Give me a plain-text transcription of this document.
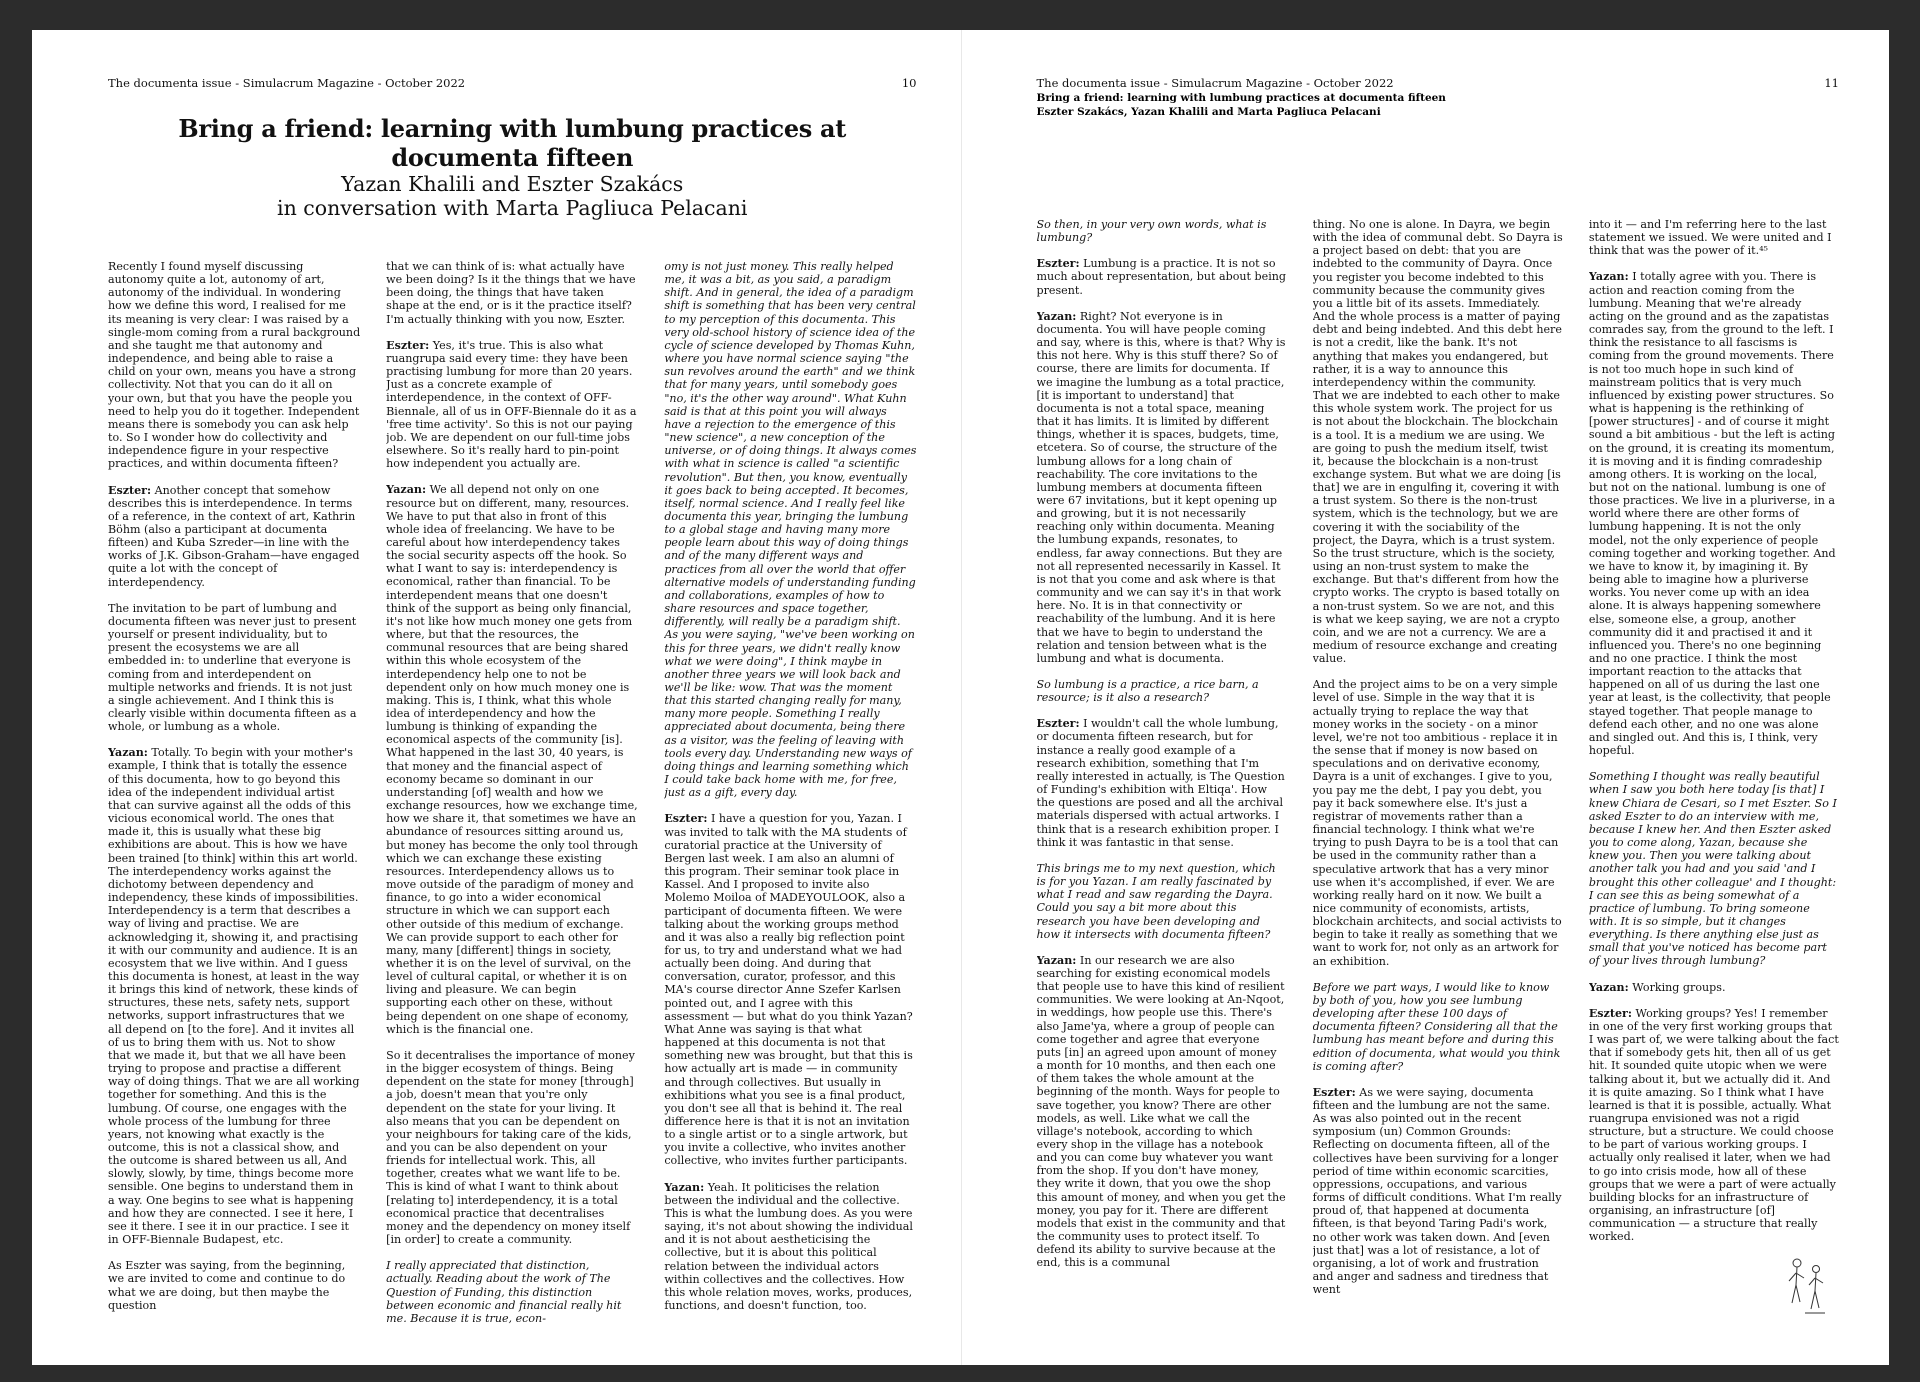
The documenta issue - Simulacrum Magazine - October 2022	10
Bring a friend: learning with lumbung practices at documenta fifteen
Yazan Khalili and Eszter Szakács
in conversation with Marta Pagliuca Pelacani

Recently I found myself discussing autonomy quite a lot, autonomy of art, autonomy of the individual. In wondering how we define this word, I realised for me its meaning is very clear: I was raised by a single-mom coming from a rural background and she taught me that autonomy and independence, and being able to raise a child on your own, means you have a strong collectivity. Not that you can do it all on your own, but that you have the people you need to help you do it together. Independent means there is somebody you can ask help to. So I wonder how do collectivity and independence figure in your respective practices, and within documenta fifteen?

Eszter: Another concept that somehow describes this is interdependence. In terms of a reference, in the context of art, Kathrin Böhm (also a participant at documenta fifteen) and Kuba Szreder—in line with the works of J.K. Gibson-Graham—have engaged quite a lot with the concept of interdependency.

The invitation to be part of lumbung and documenta fifteen was never just to present yourself or present individuality, but to present the ecosystems we are all embedded in: to underline that everyone is coming from and interdependent on multiple networks and friends. It is not just a single achievement. And I think this is clearly visible within documenta fifteen as a whole, or lumbung as a whole.

Yazan: Totally. To begin with your mother's example, I think that is totally the essence of this documenta, how to go beyond this idea of the independent individual artist that can survive against all the odds of this vicious economical world. The ones that made it, this is usually what these big exhibitions are about. This is how we have been trained [to think] within this art world. The interdependency works against the dichotomy between dependency and independency, these kinds of impossibilities. Interdependency is a term that describes a way of living and practise. We are acknowledging it, showing it, and practising it with our community and audience. It is an ecosystem that we live within. And I guess this documenta is honest, at least in the way it brings this kind of network, these kinds of structures, these nets, safety nets, support networks, support infrastructures that we all depend on [to the fore]. And it invites all of us to bring them with us. Not to show that we made it, but that we all have been trying to propose and practise a different way of doing things. That we are all working together for something. And this is the lumbung. Of course, one engages with the whole process of the lumbung for three years, not knowing what exactly is the outcome, this is not a classical show, and the outcome is shared between us all, And slowly, slowly, by time, things become more sensible. One begins to understand them in a way. One begins to see what is happening and how they are connected. I see it here, I see it there. I see it in our practice. I see it in OFF-Biennale Budapest, etc.

As Eszter was saying, from the beginning, we are invited to come and continue to do what we are doing, but then maybe the question

that we can think of is: what actually have we been doing? Is it the things that we have been doing, the things that have taken shape at the end, or is it the practice itself? I'm actually thinking with you now, Eszter.

Eszter: Yes, it's true. This is also what ruangrupa said every time: they have been practising lumbung for more than 20 years. Just as a concrete example of interdependence, in the context of OFF-Biennale, all of us in OFF-Biennale do it as a 'free time activity'. So this is not our paying job. We are dependent on our full-time jobs elsewhere. So it's really hard to pin-point how independent you actually are.

Yazan: We all depend not only on one resource but on different, many, resources. We have to put that also in front of this whole idea of freelancing. We have to be careful about how interdependency takes the social security aspects off the hook. So what I want to say is: interdependency is economical, rather than financial. To be interdependent means that one doesn't think of the support as being only financial, it's not like how much money one gets from where, but that the resources, the communal resources that are being shared within this whole ecosystem of the interdependency help one to not be dependent only on how much money one is making. This is, I think, what this whole idea of interdependency and how the lumbung is thinking of expanding the economical aspects of the community [is]. What happened in the last 30, 40 years, is that money and the financial aspect of economy became so dominant in our understanding [of] wealth and how we exchange resources, how we exchange time, how we share it, that sometimes we have an abundance of resources sitting around us, but money has become the only tool through which we can exchange these existing resources. Interdependency allows us to move outside of the paradigm of money and finance, to go into a wider economical structure in which we can support each other outside of this medium of exchange. We can provide support to each other for many, many [different] things in society, whether it is on the level of survival, on the level of cultural capital, or whether it is on living and pleasure. We can begin supporting each other on these, without being dependent on one shape of economy, which is the financial one.

So it decentralises the importance of money in the bigger ecosystem of things. Being dependent on the state for money [through] a job, doesn't mean that you're only dependent on the state for your living. It also means that you can be dependent on your neighbours for taking care of the kids, and you can be also dependent on your friends for intellectual work. This, all together, creates what we want life to be. This is kind of what I want to think about [relating to] interdependency, it is a total economical practice that decentralises money and the dependency on money itself [in order] to create a community.

I really appreciated that distinction, actually. Reading about the work of The Question of Funding, this distinction between economic and financial really hit me. Because it is true, econ-

omy is not just money. This really helped me, it was a bit, as you said, a paradigm shift. And in general, the idea of a paradigm shift is something that has been very central to my perception of this documenta. This very old-school history of science idea of the cycle of science developed by Thomas Kuhn, where you have normal science saying "the sun revolves around the earth" and we think that for many years, until somebody goes "no, it's the other way around". What Kuhn said is that at this point you will always have a rejection to the emergence of this "new science", a new conception of the universe, or of doing things. It always comes with what in science is called "a scientific revolution". But then, you know, eventually it goes back to being accepted. It becomes, itself, normal science. And I really feel like documenta this year, bringing the lumbung to a global stage and having many more people learn about this way of doing things and of the many different ways and practices from all over the world that offer alternative models of understanding funding and collaborations, examples of how to share resources and space together, differently, will really be a paradigm shift. As you were saying, "we've been working on this for three years, we didn't really know what we were doing", I think maybe in another three years we will look back and we'll be like: wow. That was the moment that this started changing really for many, many more people. Something I really appreciated about documenta, being there as a visitor, was the feeling of leaving with tools every day. Understanding new ways of doing things and learning something which I could take back home with me, for free, just as a gift, every day.

Eszter: I have a question for you, Yazan. I was invited to talk with the MA students of curatorial practice at the University of Bergen last week. I am also an alumni of this program. Their seminar took place in Kassel. And I proposed to invite also Molemo Moiloa of MADEYOULOOK, also a participant of documenta fifteen. We were talking about the working groups method and it was also a really big reflection point for us, to try and understand what we had actually been doing. And during that conversation, curator, professor, and this MA's course director Anne Szefer Karlsen pointed out, and I agree with this assessment — but what do you think Yazan? What Anne was saying is that what happened at this documenta is not that something new was brought, but that this is how actually art is made — in community and through collectives. But usually in exhibitions what you see is a final product, you don't see all that is behind it. The real difference here is that it is not an invitation to a single artist or to a single artwork, but you invite a collective, who invites another collective, who invites further participants.

Yazan: Yeah. It politicises the relation between the individual and the collective. This is what the lumbung does. As you were saying, it's not about showing the individual and it is not about aestheticising the collective, but it is about this political relation between the individual actors within collectives and the collectives. How this whole relation moves, works, produces, functions, and doesn't function, too.

The documenta issue - Simulacrum Magazine - October 2022	11
Bring a friend: learning with lumbung practices at documenta fifteen
Eszter Szakács, Yazan Khalili and Marta Pagliuca Pelacani

So then, in your very own words, what is lumbung?

Eszter: Lumbung is a practice. It is not so much about representation, but about being present.

Yazan: Right? Not everyone is in documenta. You will have people coming and say, where is this, where is that? Why is this not here. Why is this stuff there? So of course, there are limits for documenta. If we imagine the lumbung as a total practice, [it is important to understand] that documenta is not a total space, meaning that it has limits. It is limited by different things, whether it is spaces, budgets, time, etcetera. So of course, the structure of the lumbung allows for a long chain of reachability. The core invitations to the lumbung members at documenta fifteen were 67 invitations, but it kept opening up and growing, but it is not necessarily reaching only within documenta. Meaning the lumbung expands, resonates, to endless, far away connections. But they are not all represented necessarily in Kassel. It is not that you come and ask where is that community and we can say it's in that work here. No. It is in that connectivity or reachability of the lumbung. And it is here that we have to begin to understand the relation and tension between what is the lumbung and what is documenta.

So lumbung is a practice, a rice barn, a resource; is it also a research?

Eszter: I wouldn't call the whole lumbung, or documenta fifteen research, but for instance a really good example of a research exhibition, something that I'm really interested in actually, is The Question of Funding's exhibition with Eltiqa'. How the questions are posed and all the archival materials dispersed with actual artworks. I think that is a research exhibition proper. I think it was fantastic in that sense.

This brings me to my next question, which is for you Yazan. I am really fascinated by what I read and saw regarding the Dayra. Could you say a bit more about this research you have been developing and how it intersects with documenta fifteen?

Yazan: In our research we are also searching for existing economical models that people use to have this kind of resilient communities. We were looking at An-Nqoot, in weddings, how people use this. There's also Jame'ya, where a group of people can come together and agree that everyone puts [in] an agreed upon amount of money a month for 10 months, and then each one of them takes the whole amount at the beginning of the month. Ways for people to save together, you know? There are other models, as well. Like what we call the village's notebook, according to which every shop in the village has a notebook and you can come buy whatever you want from the shop. If you don't have money, they write it down, that you owe the shop this amount of money, and when you get the money, you pay for it. There are different models that exist in the community and that the community uses to protect itself. To defend its ability to survive because at the end, this is a communal

thing. No one is alone. In Dayra, we begin with the idea of communal debt. So Dayra is a project based on debt: that you are indebted to the community of Dayra. Once you register you become indebted to this community because the community gives you a little bit of its assets. Immediately. And the whole process is a matter of paying debt and being indebted. And this debt here is not a credit, like the bank. It's not anything that makes you endangered, but rather, it is a way to announce this interdependency within the community. That we are indebted to each other to make this whole system work. The project for us is not about the blockchain. The blockchain is a tool. It is a medium we are using. We are going to push the medium itself, twist it, because the blockchain is a non-trust exchange system. But what we are doing [is that] we are in engulfing it, covering it with a trust system. So there is the non-trust system, which is the technology, but we are covering it with the sociability of the project, the Dayra, which is a trust system. So the trust structure, which is the society, using an non-trust system to make the exchange. But that's different from how the crypto works. The crypto is based totally on a non-trust system. So we are not, and this is what we keep saying, we are not a crypto coin, and we are not a currency. We are a medium of resource exchange and creating value.

And the project aims to be on a very simple level of use. Simple in the way that it is actually trying to replace the way that money works in the society - on a minor level, we're not too ambitious - replace it in the sense that if money is now based on speculations and on derivative economy, Dayra is a unit of exchanges. I give to you, you pay me the debt, I pay you debt, you pay it back somewhere else. It's just a registrar of movements rather than a financial technology. I think what we're trying to push Dayra to be is a tool that can be used in the community rather than a speculative artwork that has a very minor use when it's accomplished, if ever. We are working really hard on it now. We built a nice community of economists, artists, blockchain architects, and social activists to begin to take it really as something that we want to work for, not only as an artwork for an exhibition.

Before we part ways, I would like to know by both of you, how you see lumbung developing after these 100 days of documenta fifteen? Considering all that the lumbung has meant before and during this edition of documenta, what would you think is coming after?

Eszter: As we were saying, documenta fifteen and the lumbung are not the same. As was also pointed out in the recent symposium (un) Common Grounds: Reflecting on documenta fifteen, all of the collectives have been surviving for a longer period of time within economic scarcities, oppressions, occupations, and various forms of difficult conditions. What I'm really proud of, that happened at documenta fifteen, is that beyond Taring Padi's work, no other work was taken down. And [even just that] was a lot of resistance, a lot of organising, a lot of work and frustration and anger and sadness and tiredness that went

into it — and I'm referring here to the last statement we issued. We were united and I think that was the power of it.⁴⁵

Yazan: I totally agree with you. There is action and reaction coming from the lumbung. Meaning that we're already acting on the ground and as the zapatistas comrades say, from the ground to the left. I think the resistance to all fascisms is coming from the ground movements. There is not too much hope in such kind of mainstream politics that is very much influenced by existing power structures. So what is happening is the rethinking of [power structures] - and of course it might sound a bit ambitious - but the left is acting on the ground, it is creating its momentum, it is moving and it is finding comradeship among others. It is working on the local, but not on the national. lumbung is one of those practices. We live in a pluriverse, in a world where there are other forms of lumbung happening. It is not the only model, not the only experience of people coming together and working together. And we have to know it, by imagining it. By being able to imagine how a pluriverse works. You never come up with an idea alone. It is always happening somewhere else, someone else, a group, another community did it and practised it and it influenced you. There's no one beginning and no one practice. I think the most important reaction to the attacks that happened on all of us during the last one year at least, is the collectivity, that people stayed together. That people manage to defend each other, and no one was alone and singled out. And this is, I think, very hopeful.

Something I thought was really beautiful when I saw you both here today [is that] I knew Chiara de Cesari, so I met Eszter. So I asked Eszter to do an interview with me, because I knew her. And then Eszter asked you to come along, Yazan, because she knew you. Then you were talking about another talk you had and you said 'and I brought this other colleague' and I thought: I can see this as being somewhat of a practice of lumbung. To bring someone with. It is so simple, but it changes everything. Is there anything else just as small that you've noticed has become part of your lives through lumbung?

Yazan: Working groups.

Eszter: Working groups? Yes! I remember in one of the very first working groups that I was part of, we were talking about the fact that if somebody gets hit, then all of us get hit. It sounded quite utopic when we were talking about it, but we actually did it. And it is quite amazing. So I think what I have learned is that it is possible, actually. What ruangrupa envisioned was not a rigid structure, but a structure. We could choose to be part of various working groups. I actually only realised it later, when we had to go into crisis mode, how all of these groups that we were a part of were actually building blocks for an infrastructure of organising, an infrastructure [of] communication — a structure that really worked.
